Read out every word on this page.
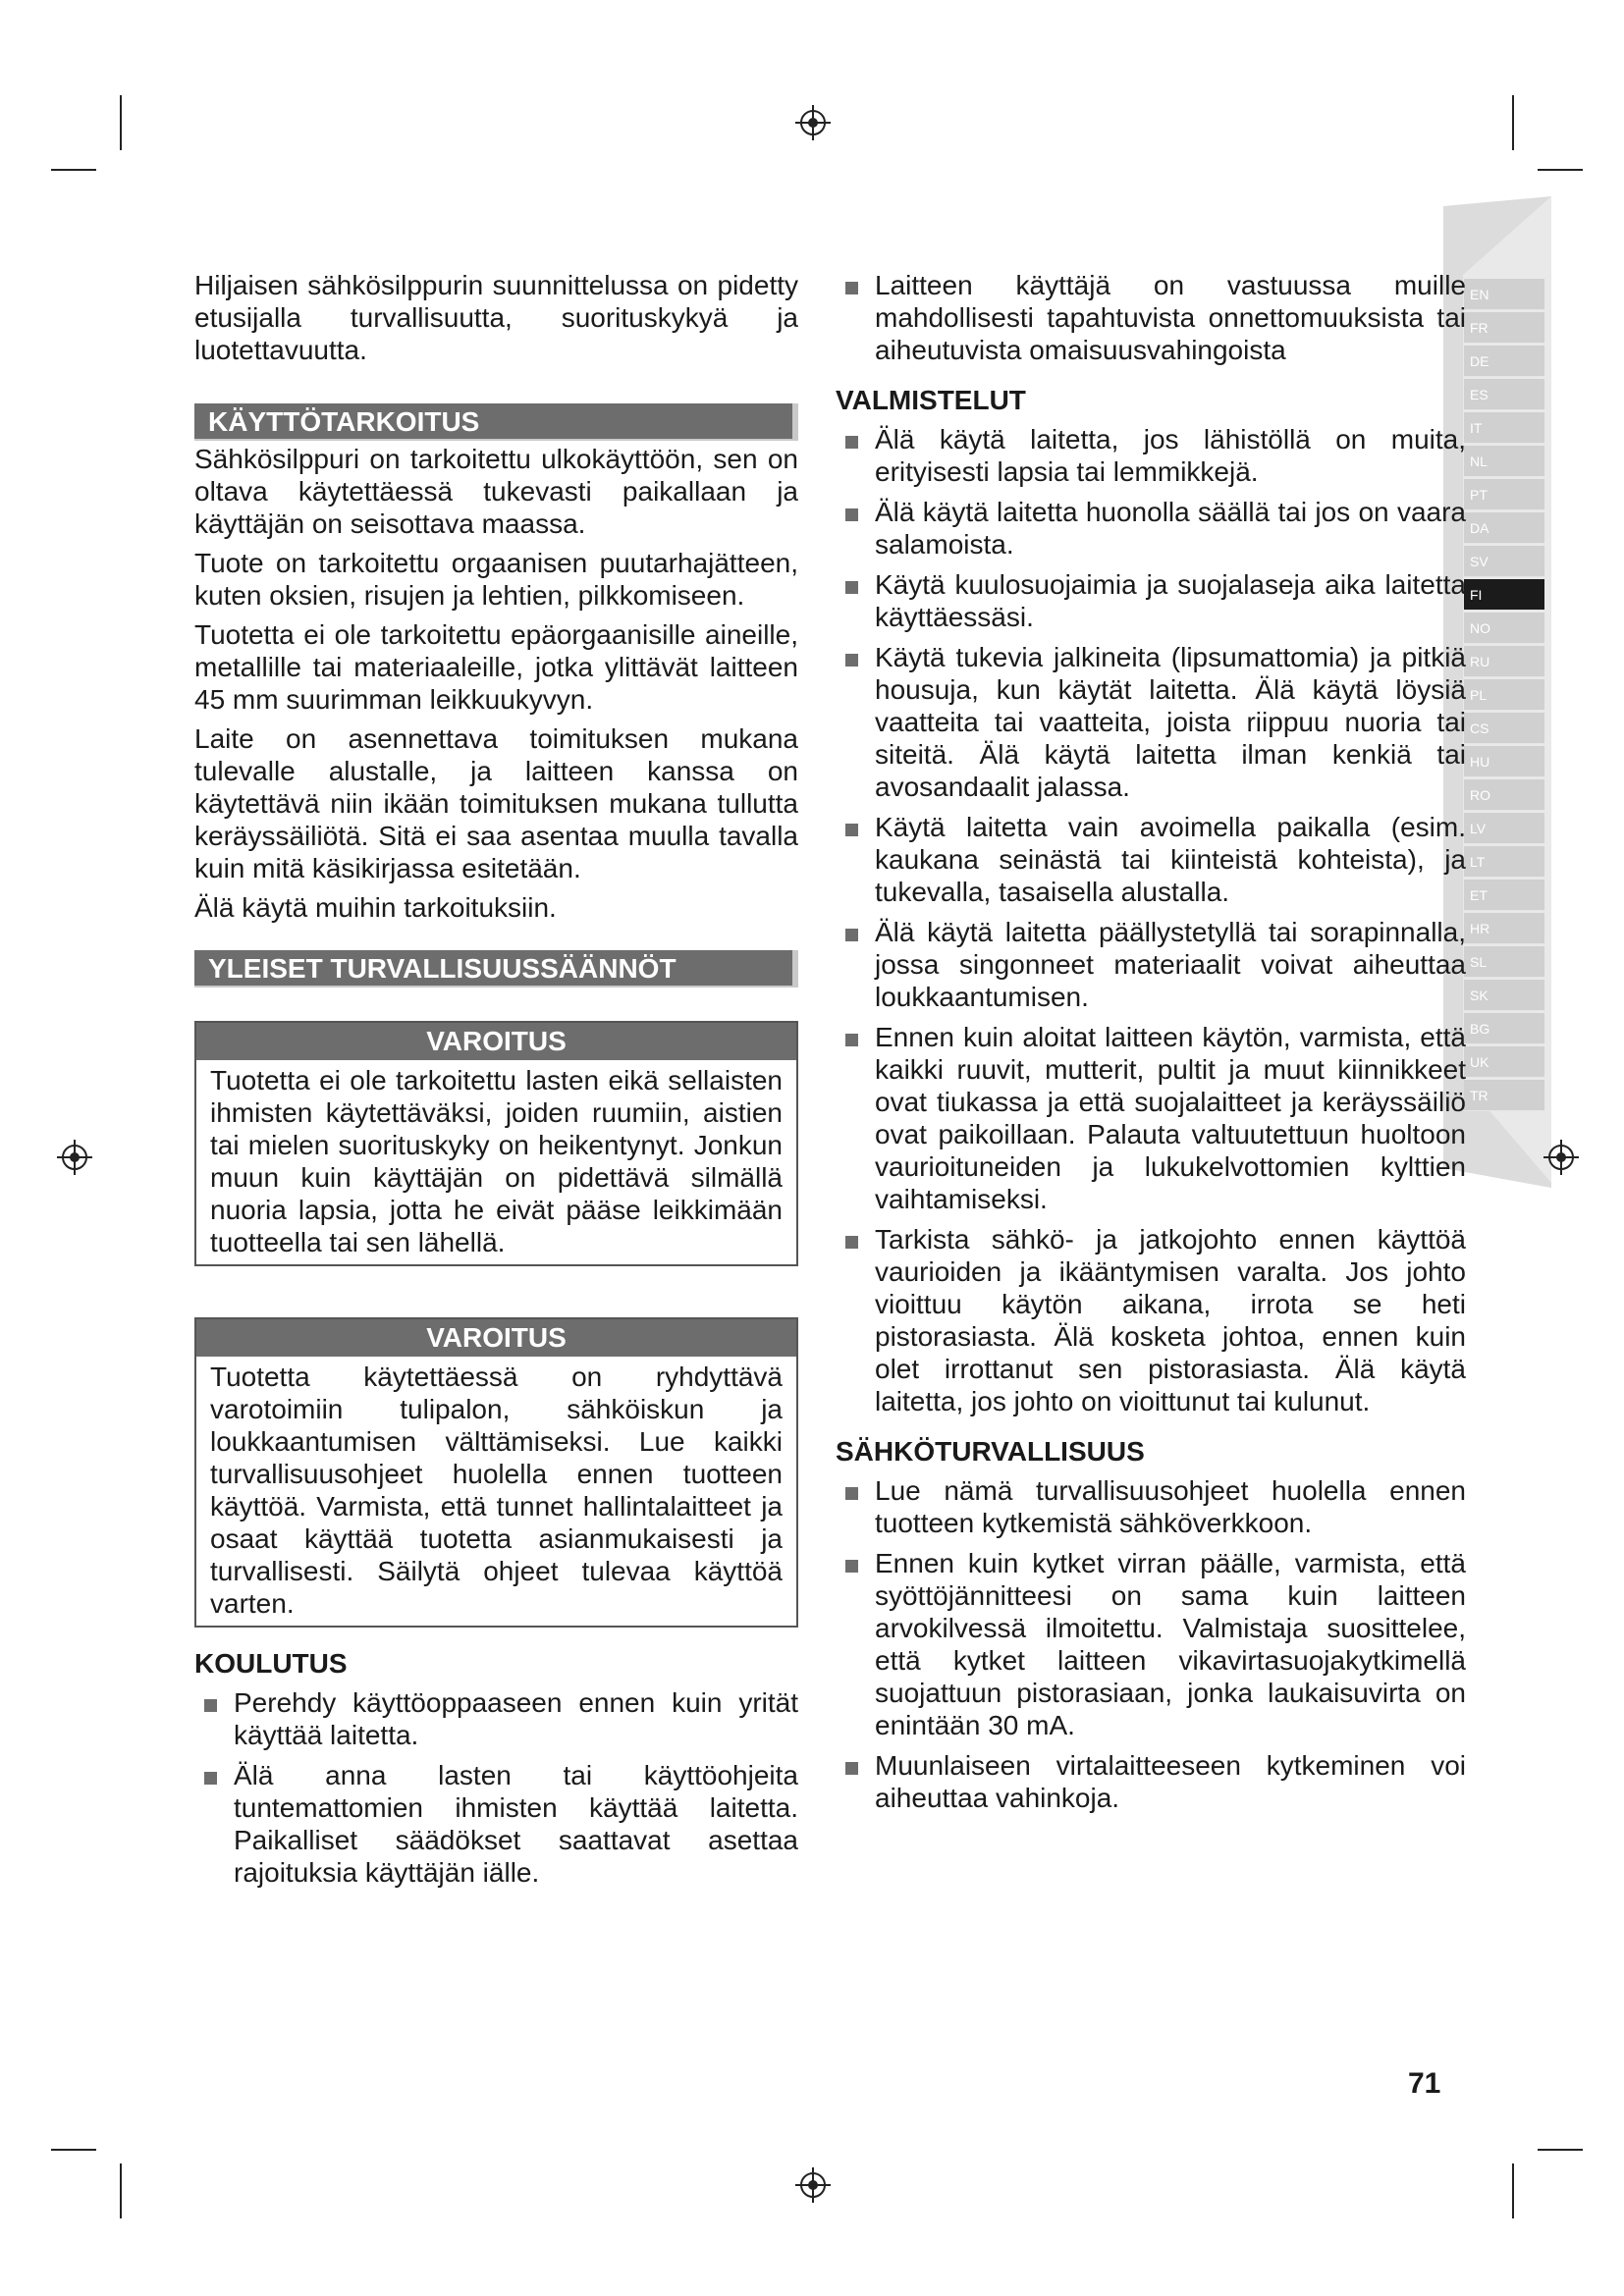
EN
FR
DE
ES
IT
NL
PT
DA
SV
FI
NO
RU
PL
CS
HU
RO
LV
LT
ET
HR
SL
SK
BG
UK
TR

Hiljaisen sähkösilppurin suunnittelussa on pidetty etusijalla turvallisuutta, suorituskykyä ja luotettavuutta.

KÄYTTÖTARKOITUS

Sähkösilppuri on tarkoitettu ulkokäyttöön, sen on oltava käytettäessä tukevasti paikallaan ja käyttäjän on seisottava maassa.

Tuote on tarkoitettu orgaanisen puutarhajätteen, kuten oksien, risujen ja lehtien, pilkkomiseen.

Tuotetta ei ole tarkoitettu epäorgaanisille aineille, metallille tai materiaaleille, jotka ylittävät laitteen 45 mm suurimman leikkuukyvyn.

Laite on asennettava toimituksen mukana tulevalle alustalle, ja laitteen kanssa on käytettävä niin ikään toimituksen mukana tullutta keräyssäiliötä. Sitä ei saa asentaa muulla tavalla kuin mitä käsikirjassa esitetään.

Älä käytä muihin tarkoituksiin.

YLEISET TURVALLISUUSSÄÄNNÖT
VAROITUS

Tuotetta ei ole tarkoitettu lasten eikä sellaisten ihmisten käytettäväksi, joiden ruumiin, aistien tai mielen suorituskyky on heikentynyt. Jonkun muun kuin käyttäjän on pidettävä silmällä nuoria lapsia, jotta he eivät pääse leikkimään tuotteella tai sen lähellä.

VAROITUS

Tuotetta käytettäessä on ryhdyttävä varotoimiin tulipalon, sähköiskun ja loukkaantumisen välttämiseksi. Lue kaikki turvallisuusohjeet huolella ennen tuotteen käyttöä. Varmista, että tunnet hallintalaitteet ja osaat käyttää tuotetta asianmukaisesti ja turvallisesti. Säilytä ohjeet tulevaa käyttöä varten.

KOULUTUS
Perehdy käyttöoppaaseen ennen kuin yrität käyttää laitetta.
Älä anna lasten tai käyttöohjeita tuntemattomien ihmisten käyttää laitetta. Paikalliset säädökset saattavat asettaa rajoituksia käyttäjän iälle.
Laitteen käyttäjä on vastuussa muille mahdollisesti tapahtuvista onnettomuuksista tai aiheutuvista omaisuusvahingoista
VALMISTELUT
Älä käytä laitetta, jos lähistöllä on muita, erityisesti lapsia tai lemmikkejä.
Älä käytä laitetta huonolla säällä tai jos on vaara salamoista.
Käytä kuulosuojaimia ja suojalaseja aika laitetta käyttäessäsi.
Käytä tukevia jalkineita (lipsumattomia) ja pitkiä housuja, kun käytät laitetta. Älä käytä löysiä vaatteita tai vaatteita, joista riippuu nuoria tai siteitä. Älä käytä laitetta ilman kenkiä tai avosandaalit jalassa.
Käytä laitetta vain avoimella paikalla (esim. kaukana seinästä tai kiinteistä kohteista), ja tukevalla, tasaisella alustalla.
Älä käytä laitetta päällystetyllä tai sorapinnalla, jossa singonneet materiaalit voivat aiheuttaa loukkaantumisen.
Ennen kuin aloitat laitteen käytön, varmista, että kaikki ruuvit, mutterit, pultit ja muut kiinnikkeet ovat tiukassa ja että suojalaitteet ja keräyssäiliö ovat paikoillaan. Palauta valtuutettuun huoltoon vaurioituneiden ja lukukelvottomien kylttien vaihtamiseksi.
Tarkista sähkö- ja jatkojohto ennen käyttöä vaurioiden ja ikääntymisen varalta. Jos johto vioittuu käytön aikana, irrota se heti pistorasiasta. Älä kosketa johtoa, ennen kuin olet irrottanut sen pistorasiasta. Älä käytä laitetta, jos johto on vioittunut tai kulunut.
SÄHKÖTURVALLISUUS
Lue nämä turvallisuusohjeet huolella ennen tuotteen kytkemistä sähköverkkoon.
Ennen kuin kytket virran päälle, varmista, että syöttöjännitteesi on sama kuin laitteen arvokilvessä ilmoitettu. Valmistaja suosittelee, että kytket laitteen vikavirtasuojakytkimellä suojattuun pistorasiaan, jonka laukaisuvirta on enintään 30 mA.
Muunlaiseen virtalaitteeseen kytkeminen voi aiheuttaa vahinkoja.
71
